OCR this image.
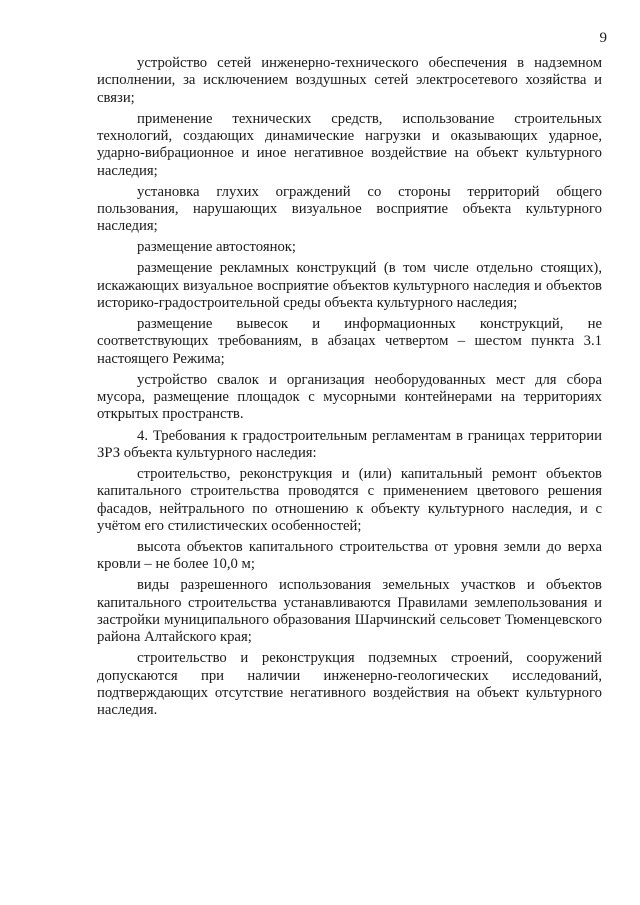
9

устройство сетей инженерно-технического обеспечения в надземном исполнении, за исключением воздушных сетей электросетевого хозяйства и связи;

применение технических средств, использование строительных технологий, создающих динамические нагрузки и оказывающих ударное, ударно-вибрационное и иное негативное воздействие на объект культурного наследия;

установка глухих ограждений со стороны территорий общего пользования, нарушающих визуальное восприятие объекта культурного наследия;

размещение автостоянок;

размещение рекламных конструкций (в том числе отдельно стоящих), искажающих визуальное восприятие объектов культурного наследия и объектов историко-градостроительной среды объекта культурного наследия;

размещение вывесок и информационных конструкций, не соответствующих требованиям, в абзацах четвертом – шестом пункта 3.1 настоящего Режима;

устройство свалок и организация необорудованных мест для сбора мусора, размещение площадок с мусорными контейнерами на территориях открытых пространств.

4. Требования к градостроительным регламентам в границах территории ЗРЗ объекта культурного наследия:

строительство, реконструкция и (или) капитальный ремонт объектов капитального строительства проводятся с применением цветового решения фасадов, нейтрального по отношению к объекту культурного наследия, и с учётом его стилистических особенностей;

высота объектов капитального строительства от уровня земли до верха кровли – не более 10,0 м;

виды разрешенного использования земельных участков и объектов капитального строительства устанавливаются Правилами землепользования и застройки муниципального образования Шарчинский сельсовет Тюменцевского района Алтайского края;

строительство и реконструкция подземных строений, сооружений допускаются при наличии инженерно-геологических исследований, подтверждающих отсутствие негативного воздействия на объект культурного наследия.
